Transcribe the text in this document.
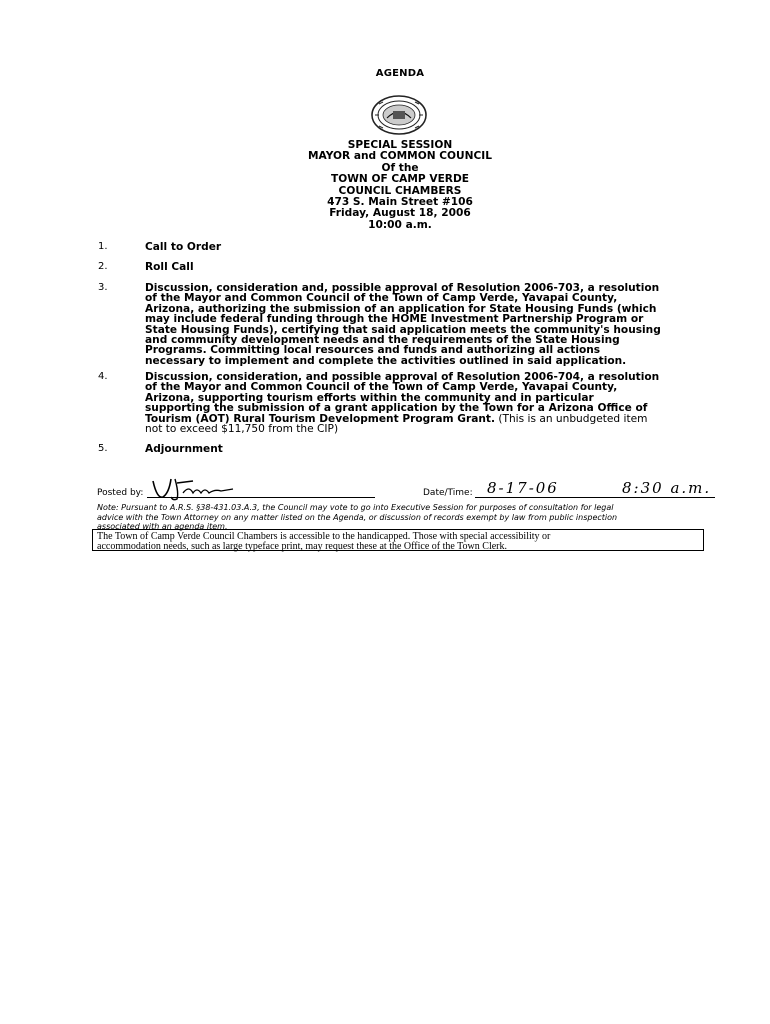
AGENDA
SPECIAL SESSION
MAYOR and COMMON COUNCIL
Of the
TOWN OF CAMP VERDE
COUNCIL CHAMBERS
473 S. Main Street #106
Friday, August 18, 2006
10:00 a.m.
1.	Call to Order
2.	Roll Call
3.	Discussion, consideration and, possible approval of Resolution 2006-703, a resolution
of the Mayor and Common Council of the Town of Camp Verde, Yavapai County,
Arizona, authorizing the submission of an application for State Housing Funds (which
may include federal funding through the HOME Investment Partnership Program or
State Housing Funds), certifying that said application meets the community's housing
and community development needs and the requirements of the State Housing
Programs. Committing local resources and funds and authorizing all actions
necessary to implement and complete the activities outlined in said application.
4.	Discussion, consideration, and possible approval of Resolution 2006-704, a resolution
of the Mayor and Common Council of the Town of Camp Verde, Yavapai County,
Arizona, supporting tourism efforts within the community and in particular
supporting the submission of a grant application by the Town for a Arizona Office of
Tourism (AOT) Rural Tourism Development Program Grant. (This is an unbudgeted item
not to exceed $11,750 from the CIP)
5.	Adjournment
Posted by:	Date/Time: 8-17-06	8:30 a.m.
Note: Pursuant to A.R.S. §38-431.03.A.3, the Council may vote to go into Executive Session for purposes of consultation for legal
advice with the Town Attorney on any matter listed on the Agenda, or discussion of records exempt by law from public inspection
associated with an agenda item.
The Town of Camp Verde Council Chambers is accessible to the handicapped. Those with special accessibility or
accommodation needs, such as large typeface print, may request these at the Office of the Town Clerk.
